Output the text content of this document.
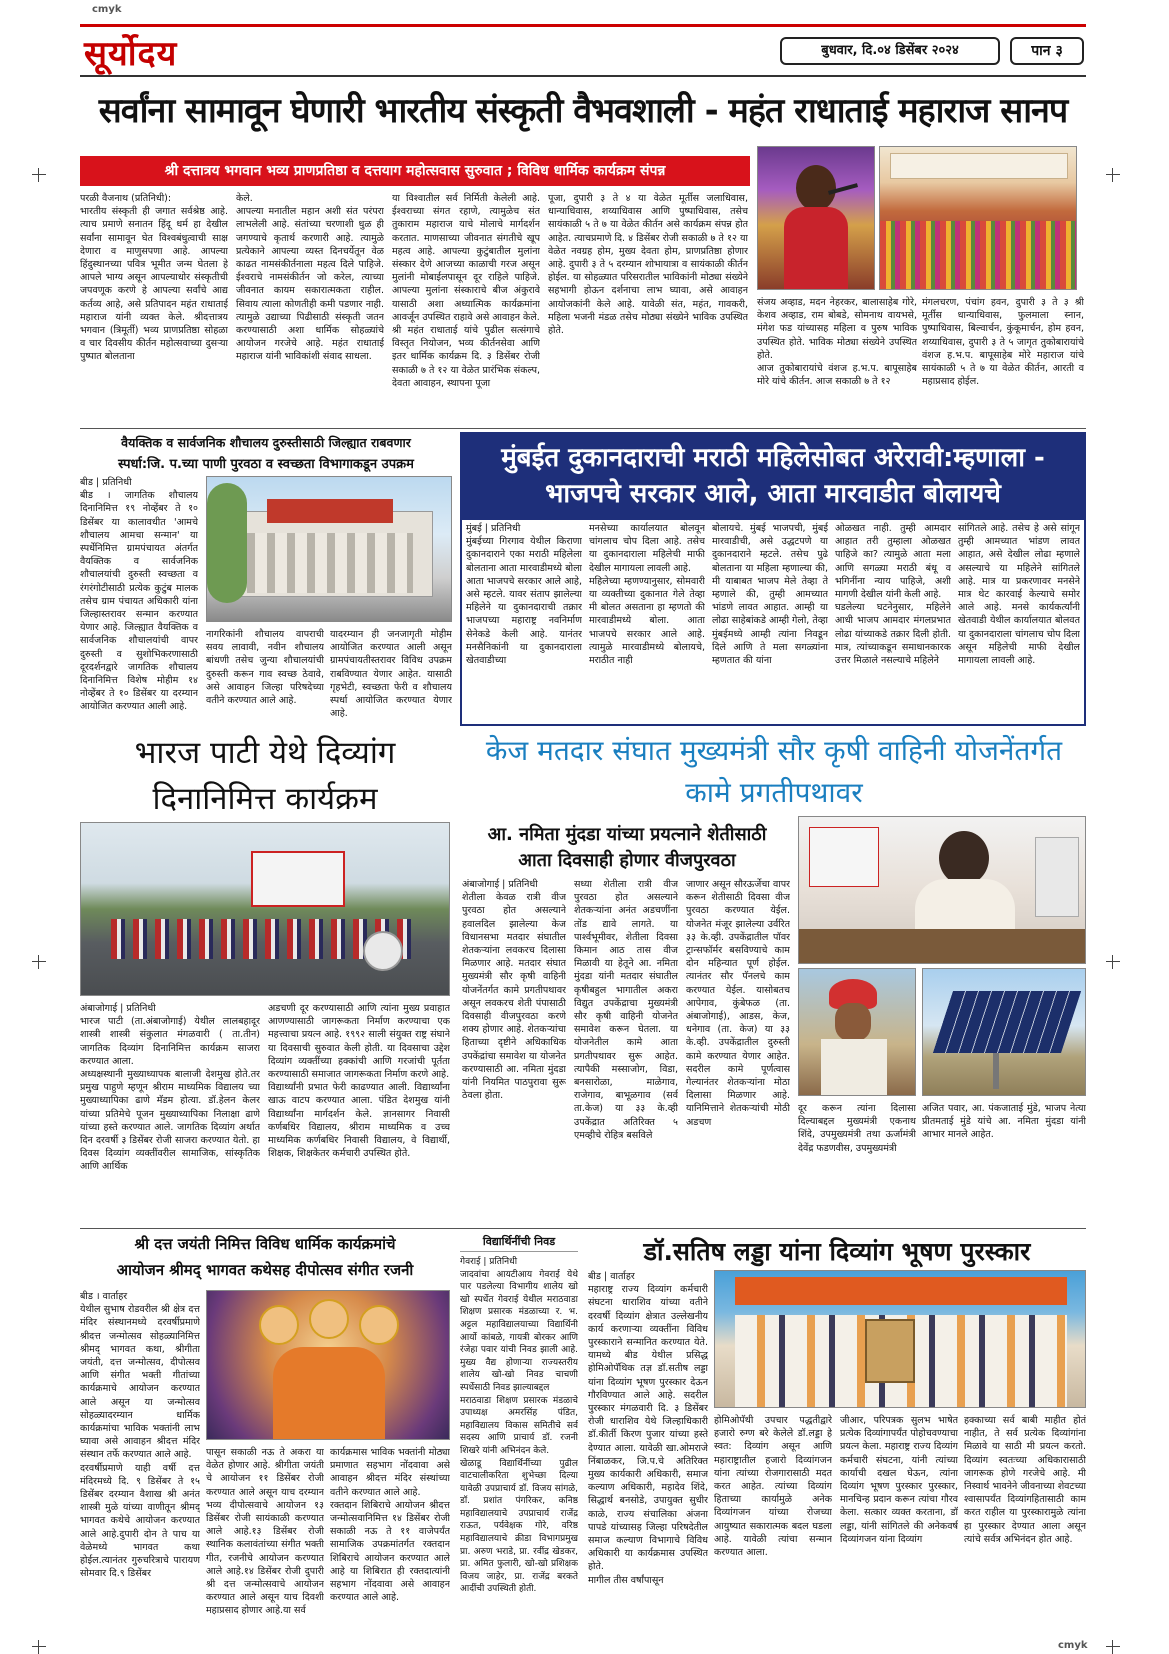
cmyk
सूर्योदय	बुधवार, दि.०४ डिसेंबर २०२४	पान ३
सर्वांना सामावून घेणारी भारतीय संस्कृती वैभवशाली - महंत राधाताई महाराज सानप
श्री दत्तात्रय भगवान भव्य प्राणप्रतिष्ठा व दत्तयाग महोत्सवास सुरुवात ; विविध धार्मिक कार्यक्रम संपन्न
परळी वैजनाथ (प्रतिनिधी):
भारतीय संस्कृती ही जगात सर्वश्रेष्ठ आहे. त्याच प्रमाणे सनातन हिंदू धर्म हा देखील सर्वांना सामावून घेत विश्वबंधुत्वाची साक्ष देणारा व माणुसपणा आहे. आपल्या हिंदुस्थानच्या पवित्र भूमीत जन्म घेतला हे आपले भाग्य असून आपल्याधोर संस्कृतीची जपवणूक करणे हे आपल्या सर्वांचे आद्य कर्तव्य आहे, असे प्रतिपादन महंत राधाताई महाराज यांनी व्यक्त केले. श्रीदत्तात्रय भगवान (त्रिमूर्ती) भव्य प्राणप्रतिष्ठा सोहळा व चार दिवसीय कीर्तन महोत्सवाच्या दुसऱ्या पुष्पात बोलताना
केले.
आपल्या मनातील महान अशी संत परंपरा लाभलेली आहे. संतांच्या चरणाशी धुळ ही जगण्याचे कृतार्थ करणारी आहे. त्यामुळे प्रत्येकाने आपल्या व्यस्त दिनचर्येतून वेळ काढत नामसंकीर्तनाला महत्व दिले पाहिजे. ईश्वराचे नामसंकीर्तन जो करेल, त्याच्या जीवनात कायम सकारात्मकता राहील. सिवाय त्याला कोणतीही कमी पडणार नाही. त्यामुळे उद्याच्या पिढीसाठी संस्कृती जतन करण्यासाठी अशा धार्मिक सोहळ्यांचे आयोजन गरजेचे आहे. महंत राधाताई महाराज यांनी भाविकांशी संवाद साधला.
या विश्वातील सर्व निर्मिती केलेली आहे. ईश्वराच्या संगत रहाणे, त्यामुळेच संत तुकाराम महाराज याचे मोलाचे मार्गदर्शन करतात. माणसाच्या जीवनात संगतीचे खूप महत्व आहे. आपल्या कुटुंबातील मुलांना संस्कार देणे आजच्या काळाची गरज असून मुलांनी मोबाईलपासून दूर राहिले पाहिजे. आपल्या मुलांना संस्काराचे बीज अंकुरावे यासाठी अशा अध्यात्मिक कार्यक्रमांना आवर्जून उपस्थित राहावे असे आवाहन केले.
श्री महंत राधाताई यांचे पुढील सत्संगाचे विस्तृत नियोजन, भव्य कीर्तनसेवा आणि इतर धार्मिक कार्यक्रम दि. ३ डिसेंबर रोजी सकाळी ७ ते १२ या वेळेत प्रारंभिक संकल्प, देवता आवाहन, स्थापना पूजा
पूजा, दुपारी ३ ते ४ या वेळेत मूर्तीस जलाधिवास, धान्याधिवास, शय्याधिवास आणि पुष्पाधिवास, तसेच सायंकाळी ५ ते ७ या वेळेत कीर्तन असे कार्यक्रम संपन्न होत आहेत. त्याचप्रमाणे दि. ४ डिसेंबर रोजी सकाळी ७ ते १२ या वेळेत नवग्रह होम, मुख्य देवता होम, प्राणप्रतिष्ठा होणार आहे. दुपारी ३ ते ५ दरम्यान शोभायात्रा व सायंकाळी कीर्तन होईल. या सोहळ्यात परिसरातील भाविकांनी मोठ्या संख्येने सहभागी होऊन दर्शनाचा लाभ घ्यावा, असे आवाहन आयोजकांनी केले आहे. यावेळी संत, महंत, गावकरी, महिला भजनी मंडळ तसेच मोठ्या संख्येने भाविक उपस्थित होते.
संजय अव्हाड, मदन नेहरकर, बालासाहेब गोरे, केशव अव्हाड, राम बोबडे, सोमनाथ वायभसे, मंगेश फड यांच्यासह महिला व पुरुष भाविक उपस्थित होते. भाविक मोठ्या संख्येने उपस्थित होते.
आज तुकोबारायांचे वंशज ह.भ.प. बापूसाहेब मोरे यांचे कीर्तन. आज सकाळी ७ ते १२
मंगलचरण, पंचांग हवन, दुपारी ३ ते ३ श्री मूर्तीस धान्याधिवास, फुलमाला स्नान, पुष्पाधिवास, बिल्वार्चन, कुंकूमार्चन, होम हवन, शय्याधिवास, दुपारी ३ ते ५ जागृत तुकोबारायांचे वंशज ह.भ.प. बापूसाहेब मोरे महाराज यांचे सायंकाळी ५ ते ७ या वेळेत कीर्तन, आरती व महाप्रसाद होईल.
वैयक्तिक व सार्वजनिक शौचालय दुरुस्तीसाठी जिल्ह्यात राबवणार
स्पर्धा:जि. प.च्या पाणी पुरवठा व स्वच्छता विभागाकडून उपक्रम
बीड | प्रतिनिधी
बीड । जागतिक शौचालय दिनानिमित्त १९ नोव्हेंबर ते १० डिसेंबर या कालावधीत 'आमचे शौचालय आमचा सन्मान' या स्पर्धेनिमित्त ग्रामपंचायत अंतर्गत वैयक्तिक व सार्वजनिक शौचालयांची दुरुस्ती स्वच्छता व रंगरंगोटीसाठी प्रत्येक कुटुंब मालक तसेच ग्राम पंचायत अधिकारी यांना जिल्हास्तरावर सन्मान करण्यात येणार आहे. जिल्ह्यात वैयक्तिक व सार्वजनिक शौचालयांची वापर दुरुस्ती व सुशोभिकरणासाठी दूरदर्शनद्वारे जागतिक शौचालय दिनानिमित्त विशेष मोहीम १४ नोव्हेंबर ते १० डिसेंबर या दरम्यान आयोजित करण्यात आली आहे.
नागरिकांनी शौचालय वापराची सवय लावावी, नवीन शौचालय बांधणी तसेच जुन्या शौचालयांची दुरुस्ती करून गाव स्वच्छ ठेवावे, असे आवाहन जिल्हा परिषदेच्या वतीने करण्यात आले आहे.
यादरम्यान ही जनजागृती मोहीम आयोजित करण्यात आली असून ग्रामपंचायतीस्तरावर विविध उपक्रम राबविण्यात येणार आहेत. यासाठी गृहभेटी, स्वच्छता फेरी व शौचालय स्पर्धा आयोजित करण्यात येणार आहे.
मुंबईत दुकानदाराची मराठी महिलेसोबत अरेरावी:म्हणाला - भाजपचे सरकार आले, आता मारवाडीत बोलायचे
मुंबई | प्रतिनिधी
मुंबईच्या गिरगाव येथील किराणा दुकानदाराने एका मराठी महिलेला बोलताना आता मारवाडीमध्ये बोला आता भाजपचे सरकार आले आहे, असे म्हटले. यावर संताप झालेल्या महिलेने या दुकानदाराची तक्रार भाजपच्या महाराष्ट्र नवनिर्माण सेनेकडे केली आहे. यानंतर मनसैनिकांनी या दुकानदाराला खेतवाडीच्या
मनसेच्या कार्यालयात बोलवून चांगलाच चोप दिला आहे. तसेच या दुकानदाराला महिलेची माफी देखील मागायला लावली आहे.
महिलेच्या म्हणण्यानुसार, सोमवारी या व्यक्तीच्या दुकानात गेले तेव्हा मी बोलत असताना हा म्हणतो की मारवाडीमध्ये बोला. आता भाजपचे सरकार आले आहे. त्यामुळे मारवाडीमध्ये बोलायचे, मराठीत नाही
बोलायचे. मुंबई भाजपची, मुंबई मारवाडीची, असे उद्धटपणे या दुकानदाराने म्हटले. तसेच पुढे बोलताना या महिला म्हणाल्या की, मी याबाबत भाजप मेले तेव्हा ते म्हणाले की, तुम्ही आमच्यात भांडणे लावत आहात. आम्ही या लोढा साहेबांकडे आम्ही गेलो, तेव्हा मुंबईमध्ये आम्ही त्यांना निवडून दिले आणि ते मला सगळ्यांना म्हणतात की यांना
ओळखत नाही. तुम्ही आमदार आहात तरी तुम्हाला ओळखत पाहिजे का? त्यामुळे आता मला आणि सगळ्या मराठी बंधू व भगिनींना न्याय पाहिजे, अशी मागणी देखील यांनी केली आहे.
घडलेल्या घटनेनुसार, महिलेने आधी भाजप आमदार मंगलप्रभात लोढा यांच्याकडे तक्रार दिली होती. मात्र, त्यांच्याकडून समाधानकारक उत्तर मिळाले नसल्याचे महिलेने
सांगितले आहे. तसेच हे असे सांगून तुम्ही आमच्यात भांडण लावत आहात, असे देखील लोढा म्हणाले असल्याचे या महिलेने सांगितले आहे. मात्र या प्रकरणावर मनसेने मात्र थेट कारवाई केल्याचे समोर आले आहे. मनसे कार्यकर्त्यांनी खेतवाडी येथील कार्यालयात बोलवत या दुकानदाराला चांगलाच चोप दिला असून महिलेची माफी देखील मागायला लावली आहे.
भारज पाटी येथे दिव्यांग दिनानिमित्त कार्यक्रम
अंबाजोगाई | प्रतिनिधी
भारज पाटी (ता.अंबाजोगाई) येथील लालबहादूर शास्त्री शास्त्री संकुलात मंगळवारी ( ता.तीन) जागतिक दिव्यांग दिनानिमित्त कार्यक्रम साजरा करण्यात आला.
अध्यक्षस्थानी मुख्याध्यापक बालाजी देशमुख होते.तर प्रमुख पाहुणे म्हणून श्रीराम माध्यमिक विद्यालय च्या मुख्याध्यापिका ढाणे मॅडम होत्या. डॉ.हेलन केलर यांच्या प्रतिमेचे पूजन मुख्याध्यापिका निलाक्षा ढाणे यांच्या हस्ते करण्यात आले. जागतिक दिव्यांग अर्थात दिन दरवर्षी ३ डिसेंबर रोजी साजरा करण्यात येतो. हा दिवस दिव्यांग व्यक्तींवरील सामाजिक, सांस्कृतिक आणि आर्थिक
अडचणी दूर करण्यासाठी आणि त्यांना मुख्य प्रवाहात आणण्यासाठी जागरूकता निर्माण करण्याचा एक महत्त्वाचा प्रयत्न आहे. १९९२ साली संयुक्त राष्ट्र संघाने या दिवसाची सुरुवात केली होती. या दिवसाचा उद्देश दिव्यांग व्यक्तींच्या हक्कांची आणि गरजांची पूर्तता करण्यासाठी समाजात जागरूकता निर्माण करणे आहे.
विद्यार्थ्यांनी प्रभात फेरी काढण्यात आली. विद्यार्थ्यांना खाऊ वाटप करण्यात आला. पंडित देशमुख यांनी विद्यार्थ्यांना मार्गदर्शन केले. ज्ञानसागर निवासी कर्णबधिर विद्यालय, श्रीराम माध्यमिक व उच्च माध्यमिक कर्णबधिर निवासी विद्यालय, वे विद्यार्थी, शिक्षक, शिक्षकेतर कर्मचारी उपस्थित होते.
केज मतदार संघात मुख्यमंत्री सौर कृषी वाहिनी योजनेंतर्गत कामे प्रगतीपथावर
आ. नमिता मुंदडा यांच्या प्रयत्नाने शेतीसाठी
आता दिवसाही होणार वीजपुरवठा
अंबाजोगाई | प्रतिनिधी
शेतीला केवळ रात्री वीज पुरवठा होत असल्याने हवालदिल झालेल्या केज विधानसभा मतदार संघातील शेतकऱ्यांना लवकरच दिलासा मिळणार आहे. मतदार संघात मुख्यमंत्री सौर कृषी वाहिनी योजनेंतर्गत कामे प्रगतीपथावर असून लवकरच शेती पंपासाठी दिवसाही वीजपुरवठा करणे शक्य होणार आहे. शेतकऱ्यांचा हिताच्या दृष्टीने अधिकाधिक उपकेंद्रांचा समावेश या योजनेत करण्यासाठी आ. नमिता मुंदडा यांनी नियमित पाठपुरावा सुरू ठेवला होता.
सध्या शेतीला रात्री वीज पुरवठा होत असल्याने शेतकऱ्यांना अनंत अडचणींना तोंड द्यावे लागते. या पार्श्वभूमीवर, शेतीला दिवसा किमान आठ तास वीज मिळावी या हेतूने आ. नमिता मुंदडा यांनी मतदार संघातील कृषीबहुल भागातील अकरा विद्युत उपकेंद्राचा मुख्यमंत्री सौर कृषी वाहिनी योजनेत समावेश करून घेतला. या योजनेतील कामे आता प्रगतीपथावर सुरू आहेत. त्यापैकी मस्साजोग, विडा, बनसारोळा, माळेगाव, राजेगाव, बाभूळगाव (सर्व ता.केज) या ३३ के.व्ही उपकेंद्रात अतिरिक्त ५ एमव्हीचे रोहित्र बसविले
जाणार असून सौरऊर्जेचा वापर करून शेतीसाठी दिवसा वीज पुरवठा करण्यात येईल. योजनेत मंजूर झालेल्या उर्वरित ३३ के.व्ही. उपकेंद्रातील पॉवर ट्रान्सफॉर्मर बसविण्याचे काम दोन महिन्यात पूर्ण होईल. त्यानंतर सौर पॅनलचे काम करण्यात येईल. यासोबतच आपेगाव, कुंबेफळ (ता. अंबाजोगाई), आडस, केज, धनेगाव (ता. केज) या ३३ के.व्ही. उपकेंद्रातील दुरुस्ती कामे करण्यात येणार आहेत. सदरील कामे पूर्णत्वास गेल्यानंतर शेतकऱ्यांना मोठा दिलासा मिळणार आहे. यानिमित्ताने शेतकऱ्यांची मोठी अडचण
दूर करून त्यांना दिलासा दिल्याबद्दल मुख्यमंत्री एकनाथ शिंदे, उपमुख्यमंत्री तथा ऊर्जामंत्री देवेंद्र फडणवीस, उपमुख्यमंत्री
अजित पवार, आ. पंकजाताई मुंडे, भाजप नेत्या प्रीतमताई मुंडे यांचे आ. नमिता मुंदडा यांनी आभार मानले आहेत.
श्री दत्त जयंती निमित्त विविध धार्मिक कार्यक्रमांचे
आयोजन श्रीमद् भागवत कथेसह दीपोत्सव संगीत रजनी
बीड । वार्ताहर
येथील सुभाष रोडवरील श्री क्षेत्र दत्त मंदिर संस्थानमध्ये दरवर्षीप्रमाणे श्रीदत्त जन्मोत्सव सोहळ्यानिमित्त श्रीमद् भागवत कथा, श्रीगीता जयंती, दत्त जन्मोत्सव, दीपोत्सव आणि संगीत भक्ती गीतांच्या कार्यक्रमाचे आयोजन करण्यात आले असून या जन्मोत्सव सोहळ्यादरम्यान धार्मिक कार्यक्रमांचा भाविक भक्तांनी लाभ घ्यावा असे आवाहन श्रीदत्त मंदिर संस्थान तर्फे करण्यात आले आहे.
दरवर्षीप्रमाणे याही वर्षी दत्त मंदिरमध्ये दि. ९ डिसेंबर ते १५ डिसेंबर दरम्यान वैशाख श्री अनंत शास्त्री मुळे यांच्या वाणीतून श्रीमद् भागवत कथेचे आयोजन करण्यात आले आहे.दुपारी दोन ते पाच या वेळेमध्ये भागवत कथा होईल.त्यानंतर गुरुचरित्राचे पारायण सोमवार दि.९ डिसेंबर
पासून सकाळी नऊ ते अकरा या वेळेत होणार आहे. श्रीगीता जयंती चे आयोजन ११ डिसेंबर रोजी करण्यात आले असून याच दरम्यान भव्य दीपोत्सवाचे आयोजन १३ डिसेंबर रोजी सायंकाळी करण्यात आले आहे.१३ डिसेंबर रोजी स्थानिक कलावंतांच्या संगीत भक्ती गीत, रजनीचे आयोजन करण्यात आले आहे.१४ डिसेंबर रोजी दुपारी श्री दत्त जन्मोत्सवाचे आयोजन करण्यात आले असून याच दिवशी महाप्रसाद होणार आहे.या सर्व
कार्यक्रमास भाविक भक्तांनी मोठ्या प्रमाणात सहभाग नोंदवावा असे आवाहन श्रीदत्त मंदिर संस्थांच्या वतीने करण्यात आले आहे.
रक्तदान शिबिराचे आयोजन श्रीदत्त जन्मोत्सवानिमित्त १४ डिसेंबर रोजी सकाळी नऊ ते ११ वाजेपर्यंत सामाजिक उपक्रमांतर्गत रक्तदान शिबिराचे आयोजन करण्यात आले आहे या शिबिरात ही रक्तदात्यांनी सहभाग नोंदवावा असे आवाहन करण्यात आले आहे.
विद्यार्थिनींची निवड
गेवराई | प्रतिनिधी
जादवांचा आयटीआय गेवराई येथे पार पडलेल्या विभागीय शालेय खो खो स्पर्धेत गेवराई येथील मराठवाडा शिक्षण प्रसारक मंडळाच्या र. भ. अट्टल महाविद्यालयाच्या विद्यार्थिनी आर्यो कांबळे, गायत्री बोरकर आणि रंजेहा पवार यांची निवड झाली आहे. मुख्य वैद्य होणाऱ्या राज्यस्तरीय शालेय खो-खो निवड चाचणी स्पर्धेसाठी निवड झाल्याबद्दल
मराठवाडा शिक्षण प्रसारक मंडळाचे उपाध्यक्ष अमरसिंह पंडित, महाविद्यालय विकास समितीचे सर्व सदस्य आणि प्राचार्य डॉ. रजनी शिखरे यांनी अभिनंदन केले.
खेळाडू विद्यार्थिनींच्या पुढील वाटचालीकरिता शुभेच्छा दिल्या यावेळी उपप्राचार्य डॉ. विजय सांगळे, डॉ. प्रशांत पंगरिकर, कनिष्ठ महाविद्यालयाचे उपप्राचार्य राजेंद्र राऊत, पर्यवेक्षक गोरे, वरिष्ठ महाविद्यालयाचे क्रीडा विभागप्रमुख प्रा. अरुण भराडे, प्रा. रवींद्र खेडकर, प्रा. अमित फुलारी, खो-खो प्रशिक्षक विजय जाहेर, प्रा. राजेंद्र बरकते आदींची उपस्थिती होती.
डॉ.सतिष लड्डा यांना दिव्यांग भूषण पुरस्कार
बीड | वार्ताहर
महाराष्ट्र राज्य दिव्यांग कर्मचारी संघटना धाराशिव यांच्या वतीने दरवर्षी दिव्यांग क्षेत्रात उल्लेखनीय कार्य करणाऱ्या व्यक्तींना विविध पुरस्काराने सन्मानित करण्यात येते. यामध्ये बीड येथील प्रसिद्ध होमिओपॅथिक तज्ञ डॉ.सतीष लड्डा यांना दिव्यांग भूषण पुरस्कार देऊन गौरविण्यात आले आहे. सदरील पुरस्कार मंगळवारी दि. ३ डिसेंबर रोजी धाराशिव येथे जिल्हाधिकारी डॉ.कीर्ती किरण पुजार यांच्या हस्ते देण्यात आला. यावेळी खा.ओमराजे निंबाळकर, जि.प.चे अतिरिक्त मुख्य कार्यकारी अधिकारी, समाज कल्याण अधिकारी, महादेव शिंदे, सिद्धार्थ बनसोडे, उपायुक्त सुधीर काळे, राज्य संचालिका अंजना पापडे यांच्यासह जिल्हा परिषदेतील समाज कल्याण विभागाचे विविध अधिकारी या कार्यक्रमास उपस्थित होते.
मागील तीस वर्षांपासून
होमिओपॅथी उपचार पद्धतीद्वारे हजारो रुग्ण बरे केलेले डॉ.लड्डा हे स्वत: दिव्यांग असून आणि महाराष्ट्रातील हजारो दिव्यांगजन यांना त्यांच्या रोजगारासाठी मदत करत आहेत. त्यांच्या दिव्यांग हिताच्या कार्यामुळे अनेक दिव्यांगजन यांच्या रोजच्या आयुष्यात सकारात्मक बदल घडला आहे. यावेळी त्यांचा सन्मान करण्यात आला.
जीआर, परिपत्रक सुलभ भाषेत प्रत्येक दिव्यांगापर्यंत पोहोचवण्याचा प्रयत्न केला. महाराष्ट्र राज्य दिव्यांग कर्मचारी संघटना, यांनी त्यांच्या कार्याची दखल घेऊन, त्यांना दिव्यांग भूषण पुरस्कार पुरस्कार, मानचिन्ह प्रदान करून त्यांचा गौरव केला. सत्कार व्यक्त करताना, डॉ लड्डा, यांनी सांगितले की अनेकवर्ष दिव्यांगजन यांना दिव्यांग
हक्काच्या सर्व बाबी माहीत होतं नाहीत, ते सर्व प्रत्येक दिव्यांगांना मिळावे या साठी मी प्रयत्न करतो. दिव्यांग स्वतःच्या अधिकारासाठी जागरूक होणे गरजेचे आहे. मी निस्वार्थ भावनेने जीवनाच्या शेवटच्या श्वासापर्यंत दिव्यांगहितासाठी काम करत राहील या पुरस्कारामुळे त्यांना हा पुरस्कार देण्यात आला असून त्यांचे सर्वत्र अभिनंदन होत आहे.
cmyk
